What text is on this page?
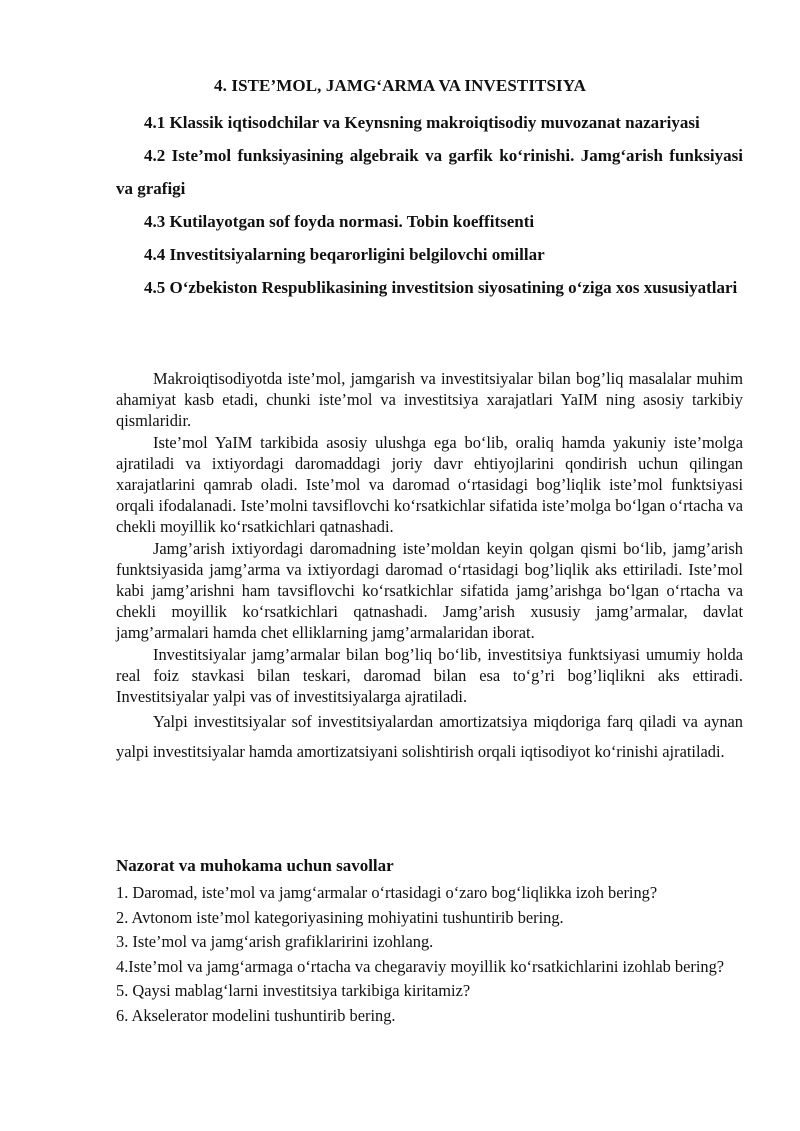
4. ISTE’MOL, JAMG‘ARMA VA INVESTITSIYA

4.1 Klassik iqtisodchilar va Keynsning makroiqtisodiy muvozanat nazariyasi

4.2 Iste’mol funksiyasining algebraik va garfik ko‘rinishi. Jamg‘arish funksiyasi va grafigi

4.3 Kutilayotgan sof foyda normasi. Tobin koeffitsenti

4.4 Investitsiyalarning beqarorligini belgilovchi omillar

4.5 O‘zbekiston Respublikasining investitsion siyosatining o‘ziga xos xususiyatlari

Makroiqtisodiyotda iste’mol, jamgarish va investitsiyalar bilan bog’liq masalalar muhim ahamiyat kasb etadi, chunki iste’mol va investitsiya xarajatlari YaIM ning asosiy tarkibiy qismlaridir.

Iste’mol YaIM tarkibida asosiy ulushga ega bo‘lib, oraliq hamda yakuniy iste’molga ajratiladi va ixtiyordagi daromaddagi joriy davr ehtiyojlarini qondirish uchun qilingan xarajatlarini qamrab oladi. Iste’mol va daromad o‘rtasidagi bog’liqlik iste’mol funktsiyasi orqali ifodalanadi. Iste’molni tavsiflovchi ko‘rsatkichlar sifatida iste’molga bo‘lgan o‘rtacha va chekli moyillik ko‘rsatkichlari qatnashadi.

Jamg’arish ixtiyordagi daromadning iste’moldan keyin qolgan qismi bo‘lib, jamg’arish funktsiyasida jamg’arma va ixtiyordagi daromad o‘rtasidagi bog’liqlik aks ettiriladi. Iste’mol kabi jamg’arishni ham tavsiflovchi ko‘rsatkichlar sifatida jamg’arishga bo‘lgan o‘rtacha va chekli moyillik ko‘rsatkichlari qatnashadi. Jamg’arish xususiy jamg’armalar, davlat jamg’armalari hamda chet elliklarning jamg’armalaridan iborat.

Investitsiyalar jamg’armalar bilan bog’liq bo‘lib, investitsiya funktsiyasi umumiy holda real foiz stavkasi bilan teskari, daromad bilan esa to‘g’ri bog’liqlikni aks ettiradi. Investitsiyalar yalpi vas of investitsiyalarga ajratiladi.

Yalpi investitsiyalar sof investitsiyalardan amortizatsiya miqdoriga farq qiladi va aynan yalpi investitsiyalar hamda amortizatsiyani solishtirish orqali iqtisodiyot ko‘rinishi ajratiladi.

Nazorat va muhokama uchun savollar

1. Daromad, iste’mol va jamg‘armalar o‘rtasidagi o‘zaro bog‘liqlikka izoh bering?

2. Avtonom iste’mol kategoriyasining mohiyatini tushuntirib bering.

3. Iste’mol va jamg‘arish grafiklaririni izohlang.

4.Iste’mol va jamg‘armaga o‘rtacha va chegaraviy moyillik ko‘rsatkichlarini izohlab bering?

5. Qaysi mablag‘larni investitsiya tarkibiga kiritamiz?

6. Akselerator modelini tushuntirib bering.
